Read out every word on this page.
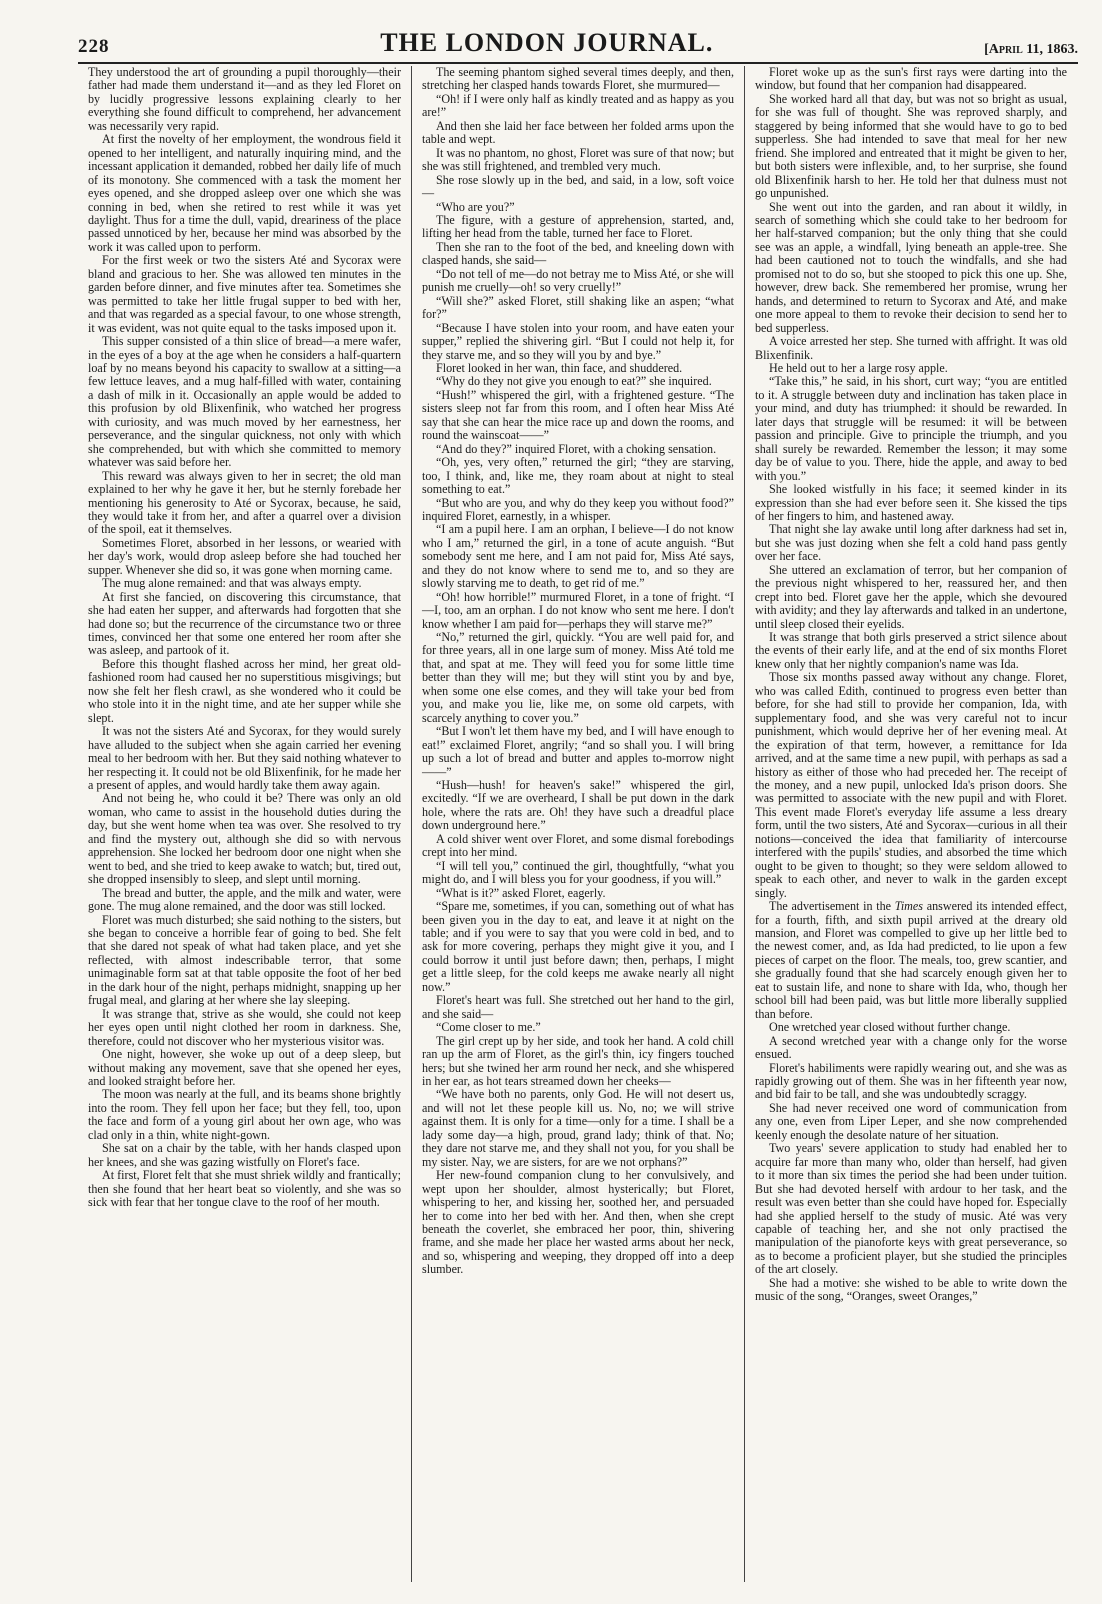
228	THE LONDON JOURNAL.	[April 11, 1863.

They understood the art of grounding a pupil thoroughly—their father had made them understand it—and as they led Floret on by lucidly progressive lessons explaining clearly to her everything she found difficult to comprehend, her advancement was necessarily very rapid.

At first the novelty of her employment, the wondrous field it opened to her intelligent, and naturally inquiring mind, and the incessant application it demanded, robbed her daily life of much of its monotony. She commenced with a task the moment her eyes opened, and she dropped asleep over one which she was conning in bed, when she retired to rest while it was yet daylight. Thus for a time the dull, vapid, dreariness of the place passed unnoticed by her, because her mind was absorbed by the work it was called upon to perform.

For the first week or two the sisters Até and Sycorax were bland and gracious to her. She was allowed ten minutes in the garden before dinner, and five minutes after tea. Sometimes she was permitted to take her little frugal supper to bed with her, and that was regarded as a special favour, to one whose strength, it was evident, was not quite equal to the tasks imposed upon it.

This supper consisted of a thin slice of bread—a mere wafer, in the eyes of a boy at the age when he considers a half-quartern loaf by no means beyond his capacity to swallow at a sitting—a few lettuce leaves, and a mug half-filled with water, containing a dash of milk in it. Occasionally an apple would be added to this profusion by old Blixenfinik, who watched her progress with curiosity, and was much moved by her earnestness, her perseverance, and the singular quickness, not only with which she comprehended, but with which she committed to memory whatever was said before her.

This reward was always given to her in secret; the old man explained to her why he gave it her, but he sternly forebade her mentioning his generosity to Até or Sycorax, because, he said, they would take it from her, and after a quarrel over a division of the spoil, eat it themselves.

Sometimes Floret, absorbed in her lessons, or wearied with her day's work, would drop asleep before she had touched her supper. Whenever she did so, it was gone when morning came.

The mug alone remained: and that was always empty.

At first she fancied, on discovering this circumstance, that she had eaten her supper, and afterwards had forgotten that she had done so; but the recurrence of the circumstance two or three times, convinced her that some one entered her room after she was asleep, and partook of it.

Before this thought flashed across her mind, her great old-fashioned room had caused her no superstitious misgivings; but now she felt her flesh crawl, as she wondered who it could be who stole into it in the night time, and ate her supper while she slept.

It was not the sisters Até and Sycorax, for they would surely have alluded to the subject when she again carried her evening meal to her bedroom with her. But they said nothing whatever to her respecting it. It could not be old Blixenfinik, for he made her a present of apples, and would hardly take them away again.

And not being he, who could it be? There was only an old woman, who came to assist in the household duties during the day, but she went home when tea was over. She resolved to try and find the mystery out, although she did so with nervous apprehension. She locked her bedroom door one night when she went to bed, and she tried to keep awake to watch; but, tired out, she dropped insensibly to sleep, and slept until morning.

The bread and butter, the apple, and the milk and water, were gone. The mug alone remained, and the door was still locked.

Floret was much disturbed; she said nothing to the sisters, but she began to conceive a horrible fear of going to bed. She felt that she dared not speak of what had taken place, and yet she reflected, with almost indescribable terror, that some unimaginable form sat at that table opposite the foot of her bed in the dark hour of the night, perhaps midnight, snapping up her frugal meal, and glaring at her where she lay sleeping.

It was strange that, strive as she would, she could not keep her eyes open until night clothed her room in darkness. She, therefore, could not discover who her mysterious visitor was.

One night, however, she woke up out of a deep sleep, but without making any movement, save that she opened her eyes, and looked straight before her.

The moon was nearly at the full, and its beams shone brightly into the room. They fell upon her face; but they fell, too, upon the face and form of a young girl about her own age, who was clad only in a thin, white night-gown.

She sat on a chair by the table, with her hands clasped upon her knees, and she was gazing wistfully on Floret's face.

At first, Floret felt that she must shriek wildly and frantically; then she found that her heart beat so violently, and she was so sick with fear that her tongue clave to the roof of her mouth.

The seeming phantom sighed several times deeply, and then, stretching her clasped hands towards Floret, she murmured—

“Oh! if I were only half as kindly treated and as happy as you are!”

And then she laid her face between her folded arms upon the table and wept.

It was no phantom, no ghost, Floret was sure of that now; but she was still frightened, and trembled very much.

She rose slowly up in the bed, and said, in a low, soft voice—

“Who are you?”

The figure, with a gesture of apprehension, started, and, lifting her head from the table, turned her face to Floret.

Then she ran to the foot of the bed, and kneeling down with clasped hands, she said—

“Do not tell of me—do not betray me to Miss Até, or she will punish me cruelly—oh! so very cruelly!”

“Will she?” asked Floret, still shaking like an aspen; “what for?”

“Because I have stolen into your room, and have eaten your supper,” replied the shivering girl. “But I could not help it, for they starve me, and so they will you by and bye.”

Floret looked in her wan, thin face, and shuddered.

“Why do they not give you enough to eat?” she inquired.

“Hush!” whispered the girl, with a frightened gesture. “The sisters sleep not far from this room, and I often hear Miss Até say that she can hear the mice race up and down the rooms, and round the wainscoat——”

“And do they?” inquired Floret, with a choking sensation.

“Oh, yes, very often,” returned the girl; “they are starving, too, I think, and, like me, they roam about at night to steal something to eat.”

“But who are you, and why do they keep you without food?” inquired Floret, earnestly, in a whisper.

“I am a pupil here. I am an orphan, I believe—I do not know who I am,” returned the girl, in a tone of acute anguish. “But somebody sent me here, and I am not paid for, Miss Até says, and they do not know where to send me to, and so they are slowly starving me to death, to get rid of me.”

“Oh! how horrible!” murmured Floret, in a tone of fright. “I—I, too, am an orphan. I do not know who sent me here. I don't know whether I am paid for—perhaps they will starve me?”

“No,” returned the girl, quickly. “You are well paid for, and for three years, all in one large sum of money. Miss Até told me that, and spat at me. They will feed you for some little time better than they will me; but they will stint you by and bye, when some one else comes, and they will take your bed from you, and make you lie, like me, on some old carpets, with scarcely anything to cover you.”

“But I won't let them have my bed, and I will have enough to eat!” exclaimed Floret, angrily; “and so shall you. I will bring up such a lot of bread and butter and apples to-morrow night——”

“Hush—hush! for heaven's sake!” whispered the girl, excitedly. “If we are overheard, I shall be put down in the dark hole, where the rats are. Oh! they have such a dreadful place down underground here.”

A cold shiver went over Floret, and some dismal forebodings crept into her mind.

“I will tell you,” continued the girl, thoughtfully, “what you might do, and I will bless you for your goodness, if you will.”

“What is it?” asked Floret, eagerly.

“Spare me, sometimes, if you can, something out of what has been given you in the day to eat, and leave it at night on the table; and if you were to say that you were cold in bed, and to ask for more covering, perhaps they might give it you, and I could borrow it until just before dawn; then, perhaps, I might get a little sleep, for the cold keeps me awake nearly all night now.”

Floret's heart was full. She stretched out her hand to the girl, and she said—

“Come closer to me.”

The girl crept up by her side, and took her hand. A cold chill ran up the arm of Floret, as the girl's thin, icy fingers touched hers; but she twined her arm round her neck, and she whispered in her ear, as hot tears streamed down her cheeks—

“We have both no parents, only God. He will not desert us, and will not let these people kill us. No, no; we will strive against them. It is only for a time—only for a time. I shall be a lady some day—a high, proud, grand lady; think of that. No; they dare not starve me, and they shall not you, for you shall be my sister. Nay, we are sisters, for are we not orphans?”

Her new-found companion clung to her convulsively, and wept upon her shoulder, almost hysterically; but Floret, whispering to her, and kissing her, soothed her, and persuaded her to come into her bed with her. And then, when she crept beneath the coverlet, she embraced her poor, thin, shivering frame, and she made her place her wasted arms about her neck, and so, whispering and weeping, they dropped off into a deep slumber.

Floret woke up as the sun's first rays were darting into the window, but found that her companion had disappeared.

She worked hard all that day, but was not so bright as usual, for she was full of thought. She was reproved sharply, and staggered by being informed that she would have to go to bed supperless. She had intended to save that meal for her new friend. She implored and entreated that it might be given to her, but both sisters were inflexible, and, to her surprise, she found old Blixenfinik harsh to her. He told her that dulness must not go unpunished.

She went out into the garden, and ran about it wildly, in search of something which she could take to her bedroom for her half-starved companion; but the only thing that she could see was an apple, a windfall, lying beneath an apple-tree. She had been cautioned not to touch the windfalls, and she had promised not to do so, but she stooped to pick this one up. She, however, drew back. She remembered her promise, wrung her hands, and determined to return to Sycorax and Até, and make one more appeal to them to revoke their decision to send her to bed supperless.

A voice arrested her step. She turned with affright. It was old Blixenfinik.

He held out to her a large rosy apple.

“Take this,” he said, in his short, curt way; “you are entitled to it. A struggle between duty and inclination has taken place in your mind, and duty has triumphed: it should be rewarded. In later days that struggle will be resumed: it will be between passion and principle. Give to principle the triumph, and you shall surely be rewarded. Remember the lesson; it may some day be of value to you. There, hide the apple, and away to bed with you.”

She looked wistfully in his face; it seemed kinder in its expression than she had ever before seen it. She kissed the tips of her fingers to him, and hastened away.

That night she lay awake until long after darkness had set in, but she was just dozing when she felt a cold hand pass gently over her face.

She uttered an exclamation of terror, but her companion of the previous night whispered to her, reassured her, and then crept into bed. Floret gave her the apple, which she devoured with avidity; and they lay afterwards and talked in an undertone, until sleep closed their eyelids.

It was strange that both girls preserved a strict silence about the events of their early life, and at the end of six months Floret knew only that her nightly companion's name was Ida.

Those six months passed away without any change. Floret, who was called Edith, continued to progress even better than before, for she had still to provide her companion, Ida, with supplementary food, and she was very careful not to incur punishment, which would deprive her of her evening meal. At the expiration of that term, however, a remittance for Ida arrived, and at the same time a new pupil, with perhaps as sad a history as either of those who had preceded her. The receipt of the money, and a new pupil, unlocked Ida's prison doors. She was permitted to associate with the new pupil and with Floret. This event made Floret's everyday life assume a less dreary form, until the two sisters, Até and Sycorax—curious in all their notions—conceived the idea that familiarity of intercourse interfered with the pupils' studies, and absorbed the time which ought to be given to thought; so they were seldom allowed to speak to each other, and never to walk in the garden except singly.

The advertisement in the Times answered its intended effect, for a fourth, fifth, and sixth pupil arrived at the dreary old mansion, and Floret was compelled to give up her little bed to the newest comer, and, as Ida had predicted, to lie upon a few pieces of carpet on the floor. The meals, too, grew scantier, and she gradually found that she had scarcely enough given her to eat to sustain life, and none to share with Ida, who, though her school bill had been paid, was but little more liberally supplied than before.

One wretched year closed without further change.

A second wretched year with a change only for the worse ensued.

Floret's habiliments were rapidly wearing out, and she was as rapidly growing out of them. She was in her fifteenth year now, and bid fair to be tall, and she was undoubtedly scraggy.

She had never received one word of communication from any one, even from Liper Leper, and she now comprehended keenly enough the desolate nature of her situation.

Two years' severe application to study had enabled her to acquire far more than many who, older than herself, had given to it more than six times the period she had been under tuition. But she had devoted herself with ardour to her task, and the result was even better than she could have hoped for. Especially had she applied herself to the study of music. Até was very capable of teaching her, and she not only practised the manipulation of the pianoforte keys with great perseverance, so as to become a proficient player, but she studied the principles of the art closely.

She had a motive: she wished to be able to write down the music of the song, “Oranges, sweet Oranges,”
